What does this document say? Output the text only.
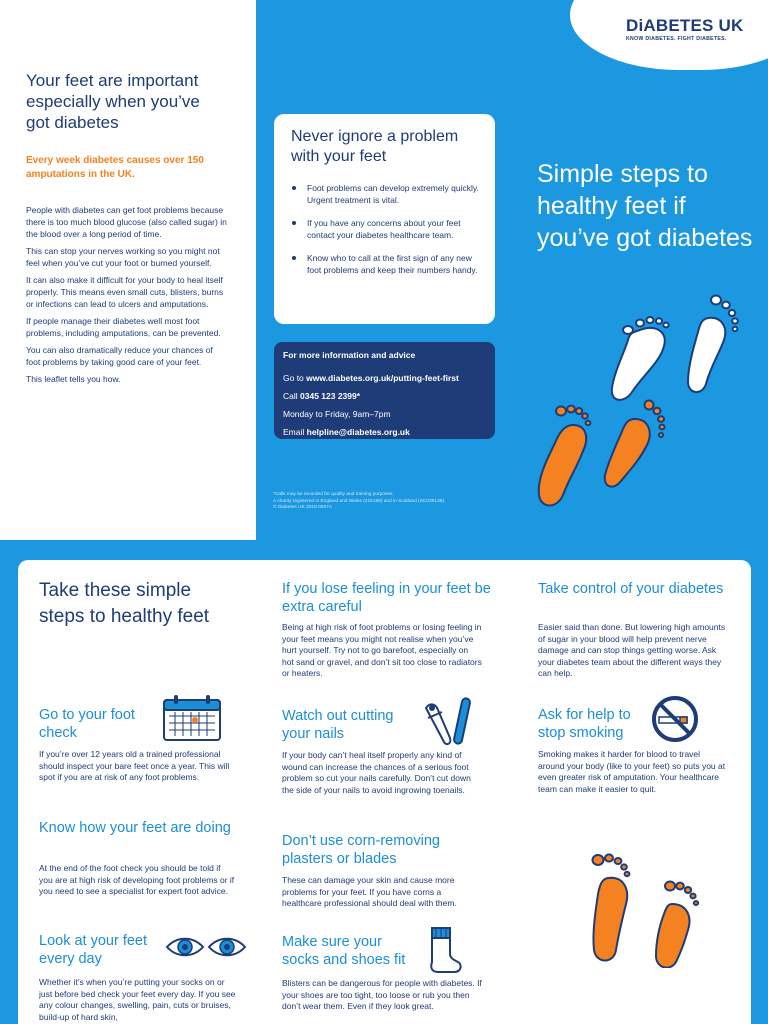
Your feet are important especially when you’ve got diabetes

Every week diabetes causes over 150 amputations in the UK.

People with diabetes can get foot problems because there is too much blood glucose (also called sugar) in the blood over a long period of time.

This can stop your nerves working so you might not feel when you’ve cut your foot or burned yourself.

It can also make it difficult for your body to heal itself properly. This means even small cuts, blisters, burns or infections can lead to ulcers and amputations.

If people manage their diabetes well most foot problems, including amputations, can be prevented.

You can also dramatically reduce your chances of foot problems by taking good care of your feet.

This leaflet tells you how.

DiABETES UK
KNOW DIABETES. FIGHT DIABETES.
Never ignore a problem with your feet
Foot problems can develop extremely quickly. Urgent treatment is vital.
If you have any concerns about your feet contact your diabetes healthcare team.
Know who to call at the first sign of any new foot problems and keep their numbers handy.
For more information and advice
Go to www.diabetes.org.uk/putting-feet-first
Call 0345 123 2399*
Monday to Friday, 9am–7pm
Email helpline@diabetes.org.uk
*Calls may be recorded for quality and training purposes.
A charity registered in England and Wales (215199) and in Scotland (SC039136).
© Diabetes UK 2018 0097A
Simple steps to healthy feet if you’ve got diabetes
Take these simple steps to healthy feet
Go to your foot check
If you’re over 12 years old a trained professional should inspect your bare feet once a year. This will spot if you are at risk of any foot problems.
Know how your feet are doing
At the end of the foot check you should be told if you are at high risk of developing foot problems or if you need to see a specialist for expert foot advice.
Look at your feet every day
Whether it’s when you’re putting your socks on or just before bed check your feet every day. If you see any colour changes, swelling, pain, cuts or bruises, build-up of hard skin,
If you lose feeling in your feet be extra careful
Being at high risk of foot problems or losing feeling in your feet means you might not realise when you’ve hurt yourself. Try not to go barefoot, especially on hot sand or gravel, and don’t sit too close to radiators or heaters.
Watch out cutting your nails
If your body can’t heal itself properly any kind of wound can increase the chances of a serious foot problem so cut your nails carefully. Don’t cut down the side of your nails to avoid ingrowing toenails.
Don’t use corn-removing plasters or blades
These can damage your skin and cause more problems for your feet. If you have corns a healthcare professional should deal with them.
Make sure your socks and shoes fit
Blisters can be dangerous for people with diabetes. If your shoes are too tight, too loose or rub you then don’t wear them. Even if they look great.
Take control of your diabetes
Easier said than done. But lowering high amounts of sugar in your blood will help prevent nerve damage and can stop things getting worse. Ask your diabetes team about the different ways they can help.
Ask for help to stop smoking
Smoking makes it harder for blood to travel around your body (like to your feet) so puts you at even greater risk of amputation. Your healthcare team can make it easier to quit.
